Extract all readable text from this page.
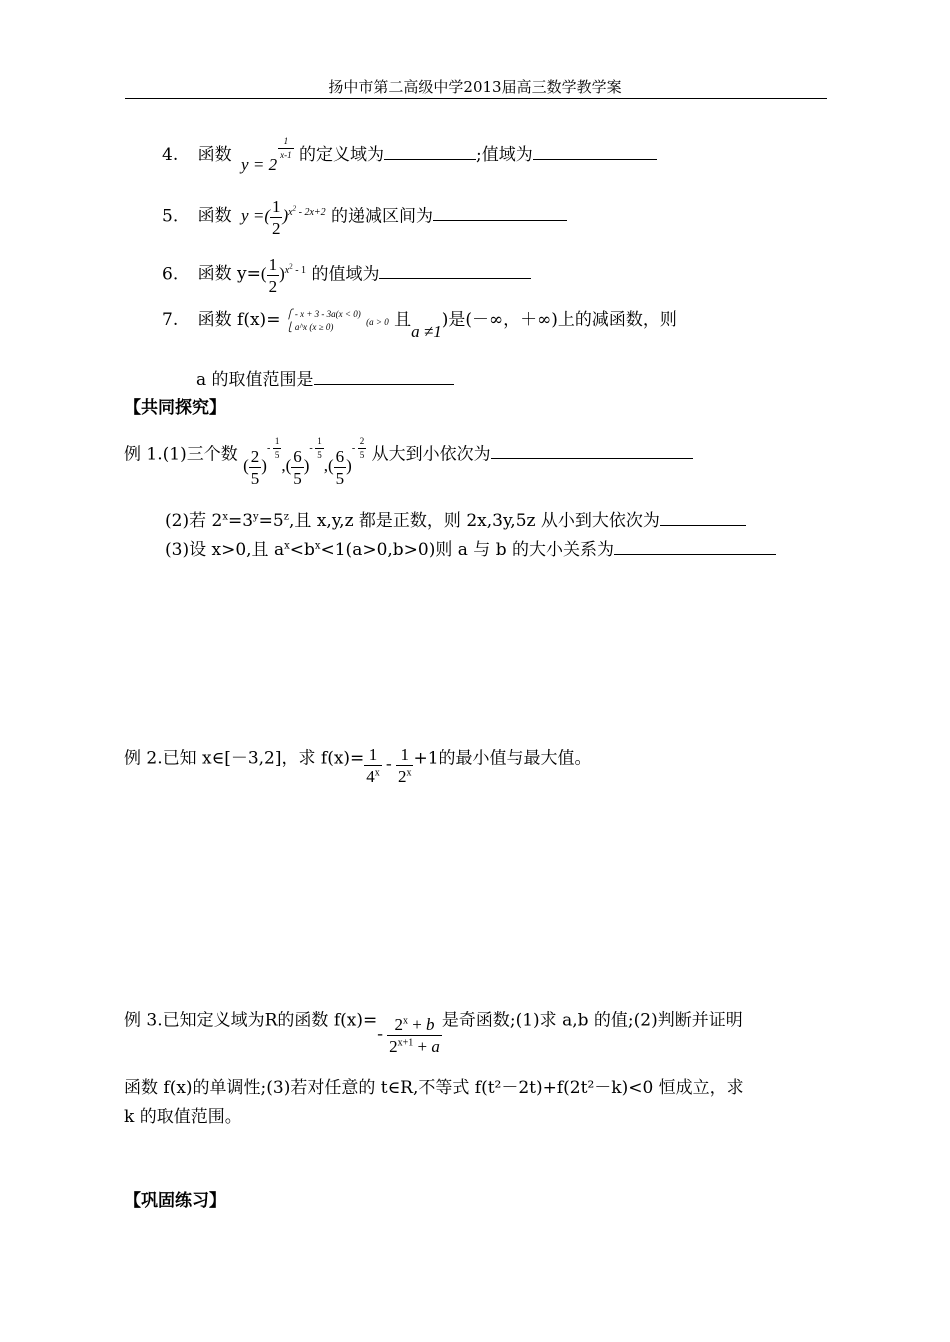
扬中市第二高级中学2013届高三数学教学案
4. 函数 y = 2
$\frac{1}{x-1}$ 的定义域为	;值域为
5. 函数 y =( $\frac{1}{2} )^{x^2 - 2x+2}$ 的递减区间为
6. 函数 $y=( \frac{1}{2} )^{x^2 - 1}$ 的值域为
7. 函数 f(x)= ⎧ - x + 3 - 3a(x < 0)
⎩ a^x (x ≥ 0)	(a > 0 且a ≠1)是(－∞，＋∞)上的减函数，则
a 的取值范围是
【共同探究】
例 1.(1)三个数 ( $\frac{2}{5} )^{- \frac{1}{5}}$
,( $\frac{6}{5} )^{- \frac{1}{5}}$
,( $\frac{6}{5} )^{- \frac{2}{5}}$ 从大到小依次为
(2)若 $2^x=3^y=5^z$,且 x,y,z 都是正数，则 2x,3y,5z 从小到大依次为
(3)设 x>0,且 $a^x<b^x<1(a>0,b>0)$则 a 与 b 的大小关系为
例 2.已知 x∈[－3,2]，求 $f(x)= \frac{1}{4^x} - \frac{1}{2^x} +1$的最小值与最大值。
例 3.已知定义域为R的函数 $f(x)=- \frac{2^x + b}{2^{x+1} + a}$ 是奇函数;(1)求 a,b 的值;(2)判断并证明
函数 f(x)的单调性;(3)若对任意的 t∈R,不等式 f(t²－2t)+f(2t²－k)<0 恒成立，求
k 的取值范围。
【巩固练习】
